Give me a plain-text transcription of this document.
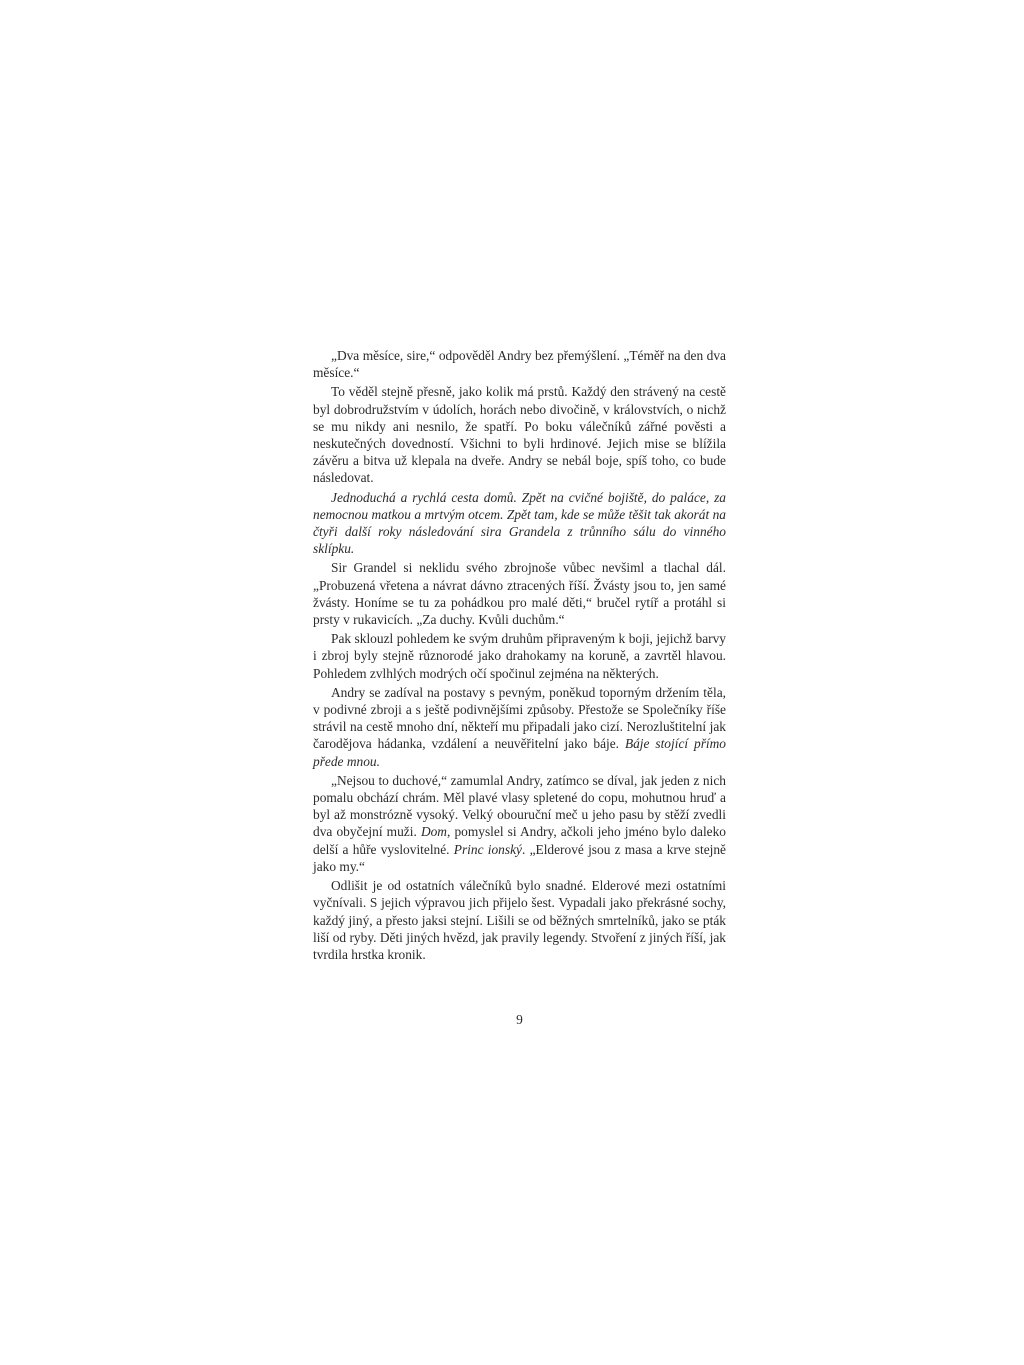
„Dva měsíce, sire,“ odpověděl Andry bez přemýšlení. „Téměř na den dva měsíce.“

To věděl stejně přesně, jako kolik má prstů. Každý den strávený na cestě byl dobrodružstvím v údolích, horách nebo divočině, v královstvích, o nichž se mu nikdy ani nesnilo, že spatří. Po boku válečníků zářné pověsti a neskutečných dovedností. Všichni to byli hrdinové. Jejich mise se blížila závěru a bitva už klepala na dveře. Andry se nebál boje, spíš toho, co bude následovat.

Jednoduchá a rychlá cesta domů. Zpět na cvičné bojiště, do paláce, za nemocnou matkou a mrtvým otcem. Zpět tam, kde se může těšit tak akorát na čtyři další roky následování sira Grandela z trůnního sálu do vinného sklípku.

Sir Grandel si neklidu svého zbrojnoše vůbec nevšiml a tlachal dál. „Probuzená vřetena a návrat dávno ztracených říší. Žvásty jsou to, jen samé žvásty. Honíme se tu za pohádkou pro malé děti,“ bručel rytíř a protáhl si prsty v rukavicích. „Za duchy. Kvůli duchům.“

Pak sklouzl pohledem ke svým druhům připraveným k boji, jejichž barvy i zbroj byly stejně různorodé jako drahokamy na koruně, a zavrtěl hlavou. Pohledem zvlhlých modrých očí spočinul zejména na některých.

Andry se zadíval na postavy s pevným, poněkud toporným držením těla, v podivné zbroji a s ještě podivnějšími způsoby. Přestože se Společníky říše strávil na cestě mnoho dní, někteří mu připadali jako cizí. Nerozluštitelní jak čarodějova hádanka, vzdálení a neuvěřitelní jako báje. Báje stojící přímo přede mnou.

„Nejsou to duchové,“ zamumlal Andry, zatímco se díval, jak jeden z nich pomalu obchází chrám. Měl plavé vlasy spletené do copu, mohutnou hruď a byl až monstrózně vysoký. Velký obouruční meč u jeho pasu by stěží zvedli dva obyčejní muži. Dom, pomyslel si Andry, ačkoli jeho jméno bylo daleko delší a hůře vyslovitelné. Princ ionský. „Elderové jsou z masa a krve stejně jako my.“

Odlišit je od ostatních válečníků bylo snadné. Elderové mezi ostatními vyčnívali. S jejich výpravou jich přijelo šest. Vypadali jako překrásné sochy, každý jiný, a přesto jaksi stejní. Lišili se od běžných smrtelníků, jako se pták liší od ryby. Děti jiných hvězd, jak pravily legendy. Stvoření z jiných říší, jak tvrdila hrstka kronik.

9
